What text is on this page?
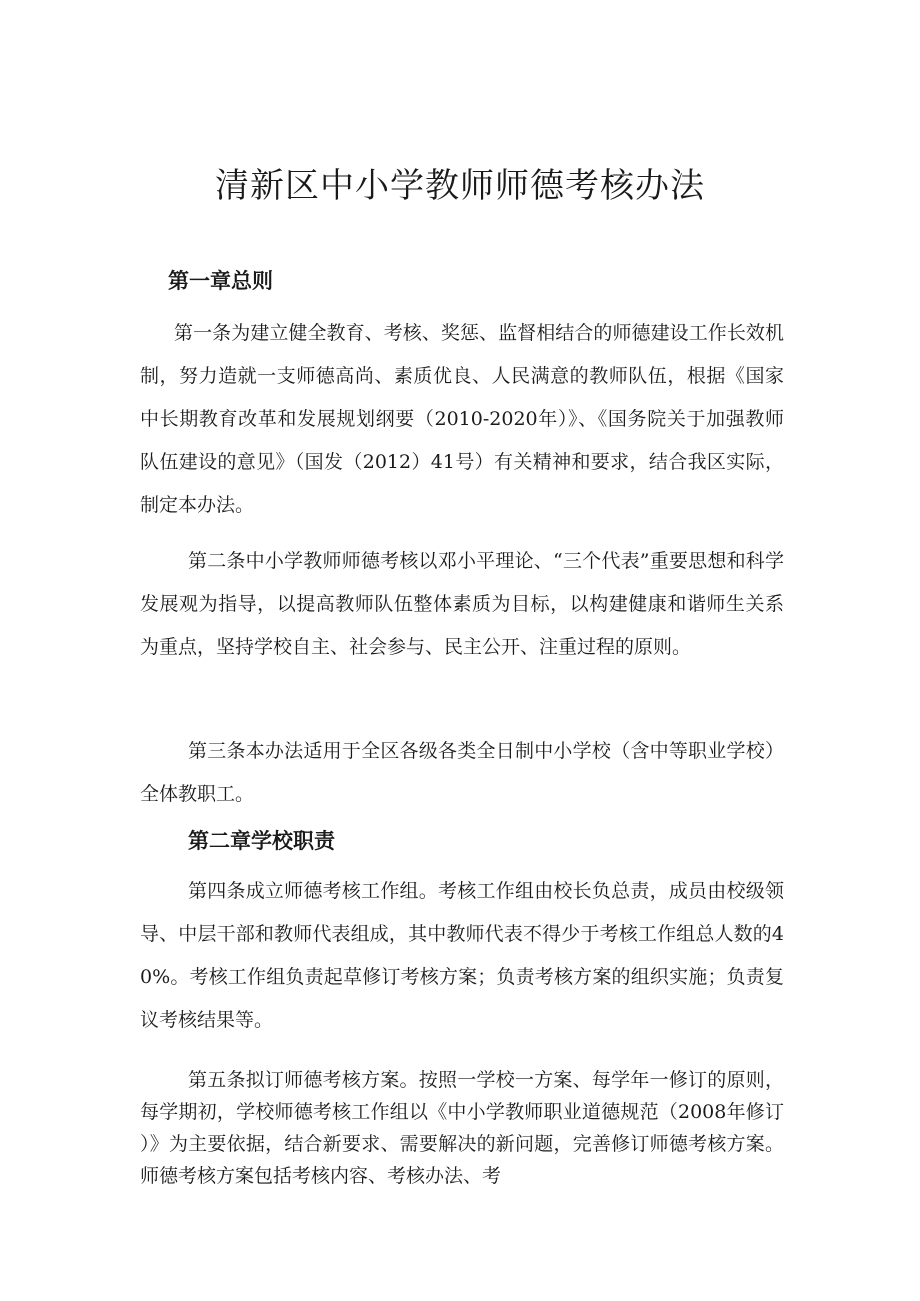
清新区中小学教师师德考核办法
第一章总则

第一条为建立健全教育、考核、奖惩、监督相结合的师德建设工作长效机制，努力造就一支师德高尚、素质优良、人民满意的教师队伍，根据《国家中长期教育改革和发展规划纲要（2010-2020年）》、《国务院关于加强教师队伍建设的意见》（国发（2012）41号）有关精神和要求，结合我区实际，制定本办法。

第二条中小学教师师德考核以邓小平理论、“三个代表”重要思想和科学发展观为指导，以提高教师队伍整体素质为目标，以构建健康和谐师生关系为重点，坚持学校自主、社会参与、民主公开、注重过程的原则。

第三条本办法适用于全区各级各类全日制中小学校（含中等职业学校）全体教职工。

第二章学校职责

第四条成立师德考核工作组。考核工作组由校长负总责，成员由校级领导、中层干部和教师代表组成，其中教师代表不得少于考核工作组总人数的40%。考核工作组负责起草修订考核方案；负责考核方案的组织实施；负责复议考核结果等。

第五条拟订师德考核方案。按照一学校一方案、每学年一修订的原则，每学期初，学校师德考核工作组以《中小学教师职业道德规范（2008年修订）》为主要依据，结合新要求、需要解决的新问题，完善修订师德考核方案。师德考核方案包括考核内容、考核办法、考
